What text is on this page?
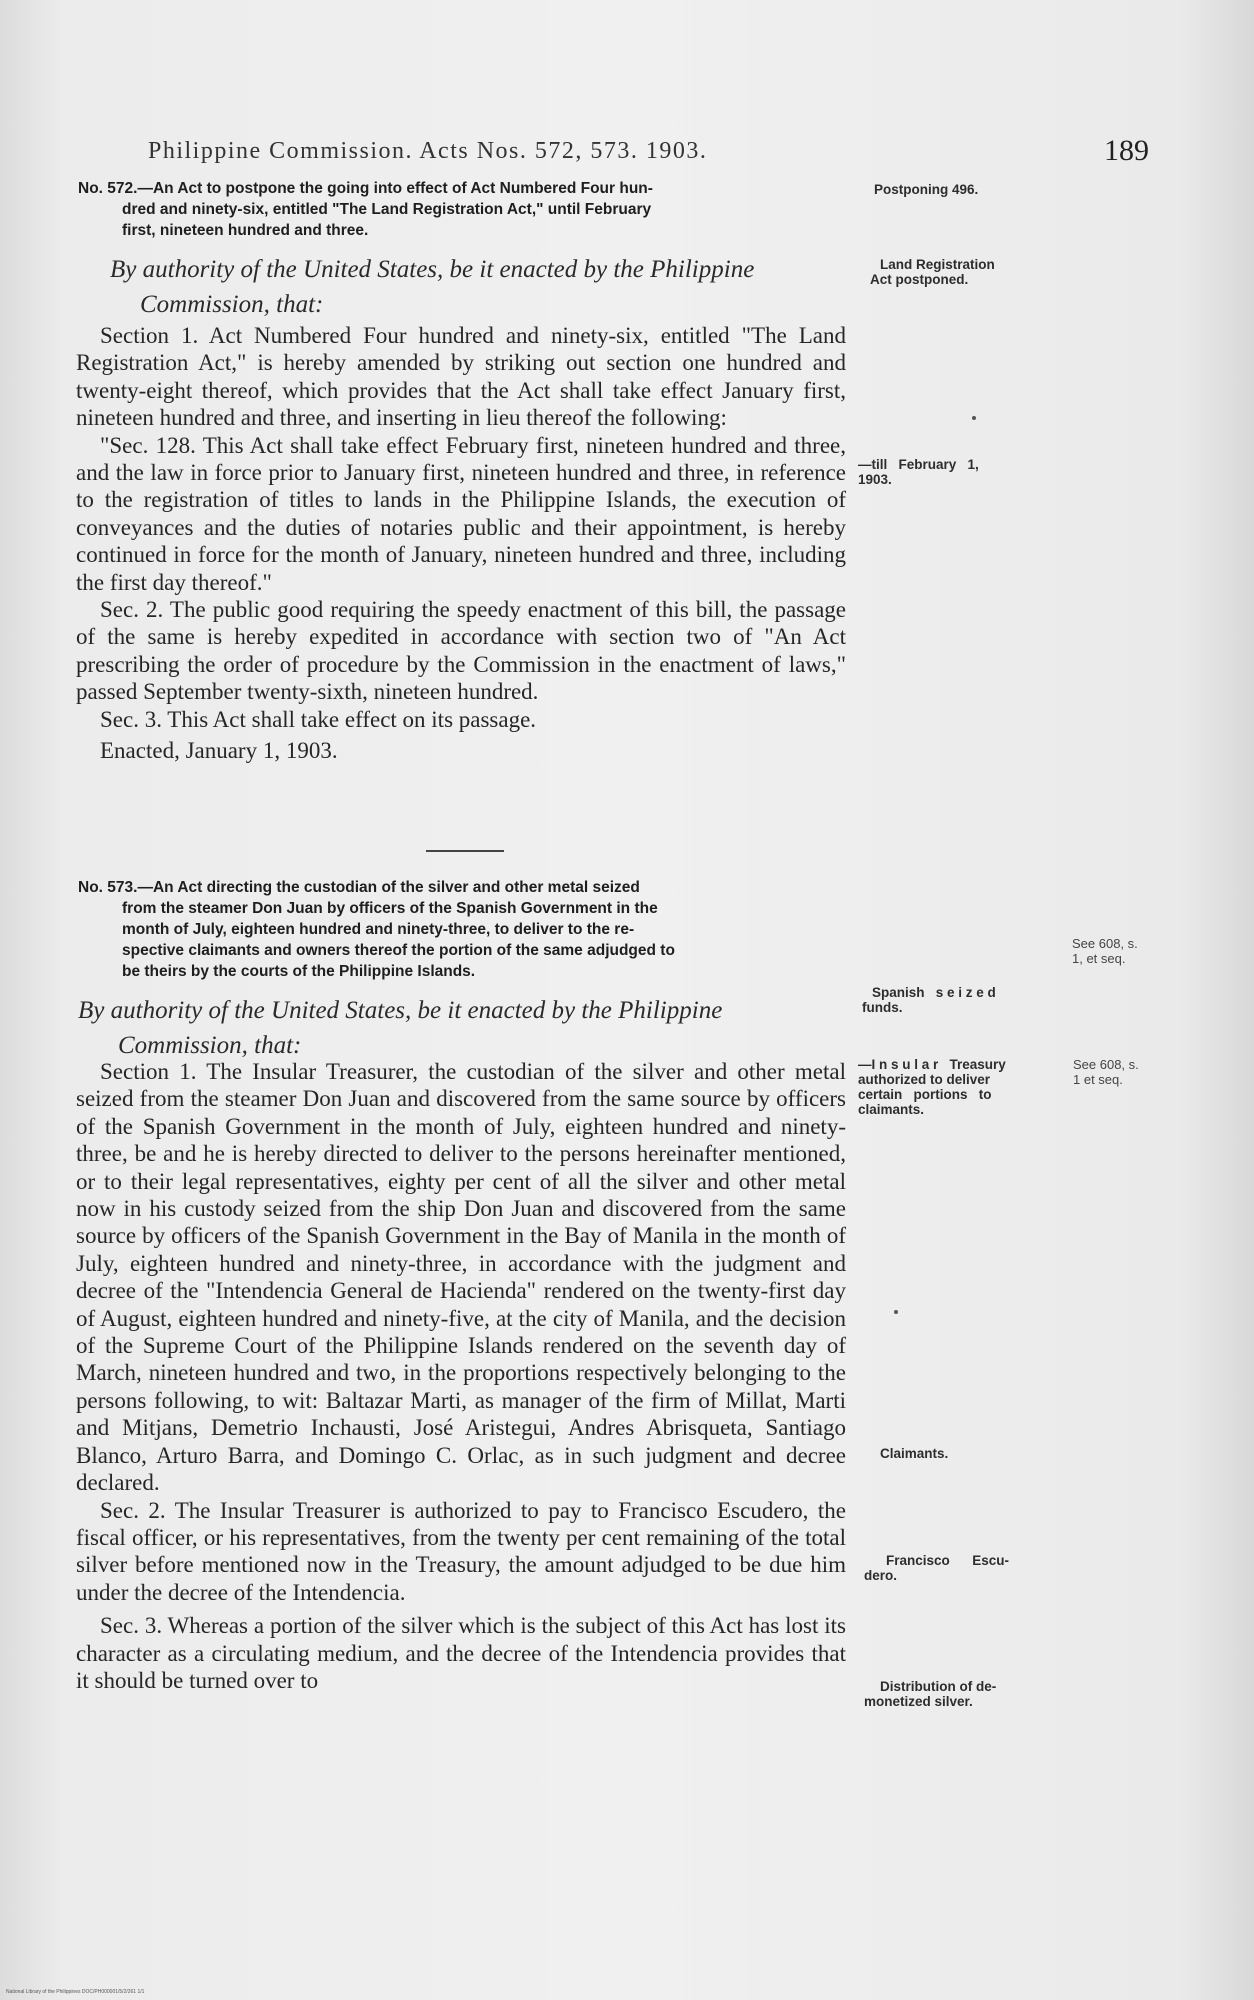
Philippine Commission. Acts Nos. 572, 573. 1903.	189
No. 572.—An Act to postpone the going into effect of Act Numbered Four hun-
dred and ninety-six, entitled "The Land Registration Act," until February
first, nineteen hundred and three.
By authority of the United States, be it enacted by the Philippine
Commission, that:

Section 1. Act Numbered Four hundred and ninety-six, entitled "The Land Registration Act," is hereby amended by striking out section one hundred and twenty-eight thereof, which provides that the Act shall take effect January first, nineteen hundred and three, and inserting in lieu thereof the following:

"Sec. 128. This Act shall take effect February first, nineteen hundred and three, and the law in force prior to January first, nineteen hundred and three, in reference to the registration of titles to lands in the Philippine Islands, the execution of conveyances and the duties of notaries public and their appointment, is hereby continued in force for the month of January, nineteen hundred and three, including the first day thereof."

Sec. 2. The public good requiring the speedy enactment of this bill, the passage of the same is hereby expedited in accordance with section two of "An Act prescribing the order of procedure by the Commission in the enactment of laws," passed September twenty-sixth, nineteen hundred.

Sec. 3. This Act shall take effect on its passage.

Enacted, January 1, 1903.

No. 573.—An Act directing the custodian of the silver and other metal seized
from the steamer Don Juan by officers of the Spanish Government in the
month of July, eighteen hundred and ninety-three, to deliver to the re-
spective claimants and owners thereof the portion of the same adjudged to
be theirs by the courts of the Philippine Islands.
By authority of the United States, be it enacted by the Philippine
Commission, that:

Section 1. The Insular Treasurer, the custodian of the silver and other metal seized from the steamer Don Juan and discovered from the same source by officers of the Spanish Government in the month of July, eighteen hundred and ninety-three, be and he is hereby directed to deliver to the persons hereinafter mentioned, or to their legal representatives, eighty per cent of all the silver and other metal now in his custody seized from the ship Don Juan and discovered from the same source by officers of the Spanish Government in the Bay of Manila in the month of July, eighteen hundred and ninety-three, in accordance with the judgment and decree of the "Intendencia General de Hacienda" rendered on the twenty-first day of August, eighteen hundred and ninety-five, at the city of Manila, and the decision of the Supreme Court of the Philippine Islands rendered on the seventh day of March, nineteen hundred and two, in the proportions respectively belonging to the persons following, to wit: Baltazar Marti, as manager of the firm of Millat, Marti and Mitjans, Demetrio Inchausti, José Aristegui, Andres Abrisqueta, Santiago Blanco, Arturo Barra, and Domingo C. Orlac, as in such judgment and decree declared.

Sec. 2. The Insular Treasurer is authorized to pay to Francisco Escudero, the fiscal officer, or his representatives, from the twenty per cent remaining of the total silver before mentioned now in the Treasury, the amount adjudged to be due him under the decree of the Intendencia.

Sec. 3. Whereas a portion of the silver which is the subject of this Act has lost its character as a circulating medium, and the decree of the Intendencia provides that it should be turned over to

Postponing 496.
Land Registration
Act postponed.
—till   February   1,
1903.
See 608, s.
1, et seq.
Spanish   s e i z e d
funds.
—I n s u l a r   Treasury
authorized to deliver
certain   portions   to
claimants.
See 608, s.
1 et seq.
Claimants.
Francisco      Escu-
dero.
Distribution of de-
monetized silver.
National Library of the Philippines DOC/PH000001/5/2/261 1/1
